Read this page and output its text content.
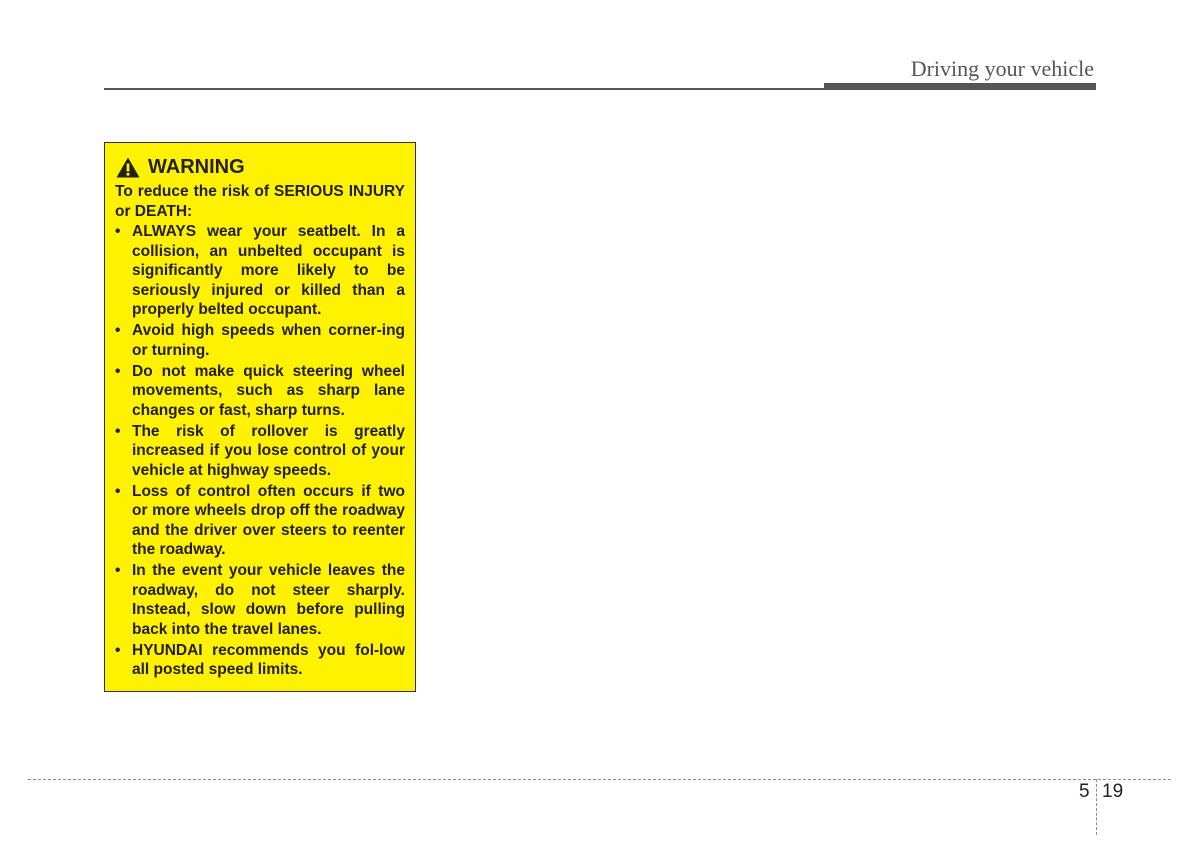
Driving your vehicle
WARNING

To reduce the risk of SERIOUS INJURY or DEATH:

• ALWAYS wear your seatbelt. In a collision, an unbelted occupant is significantly more likely to be seriously injured or killed than a properly belted occupant.
• Avoid high speeds when corner-ing or turning.
• Do not make quick steering wheel movements, such as sharp lane changes or fast, sharp turns.
• The risk of rollover is greatly increased if you lose control of your vehicle at highway speeds.
• Loss of control often occurs if two or more wheels drop off the roadway and the driver over steers to reenter the roadway.
• In the event your vehicle leaves the roadway, do not steer sharply. Instead, slow down before pulling back into the travel lanes.
• HYUNDAI recommends you fol-low all posted speed limits.
5 19
